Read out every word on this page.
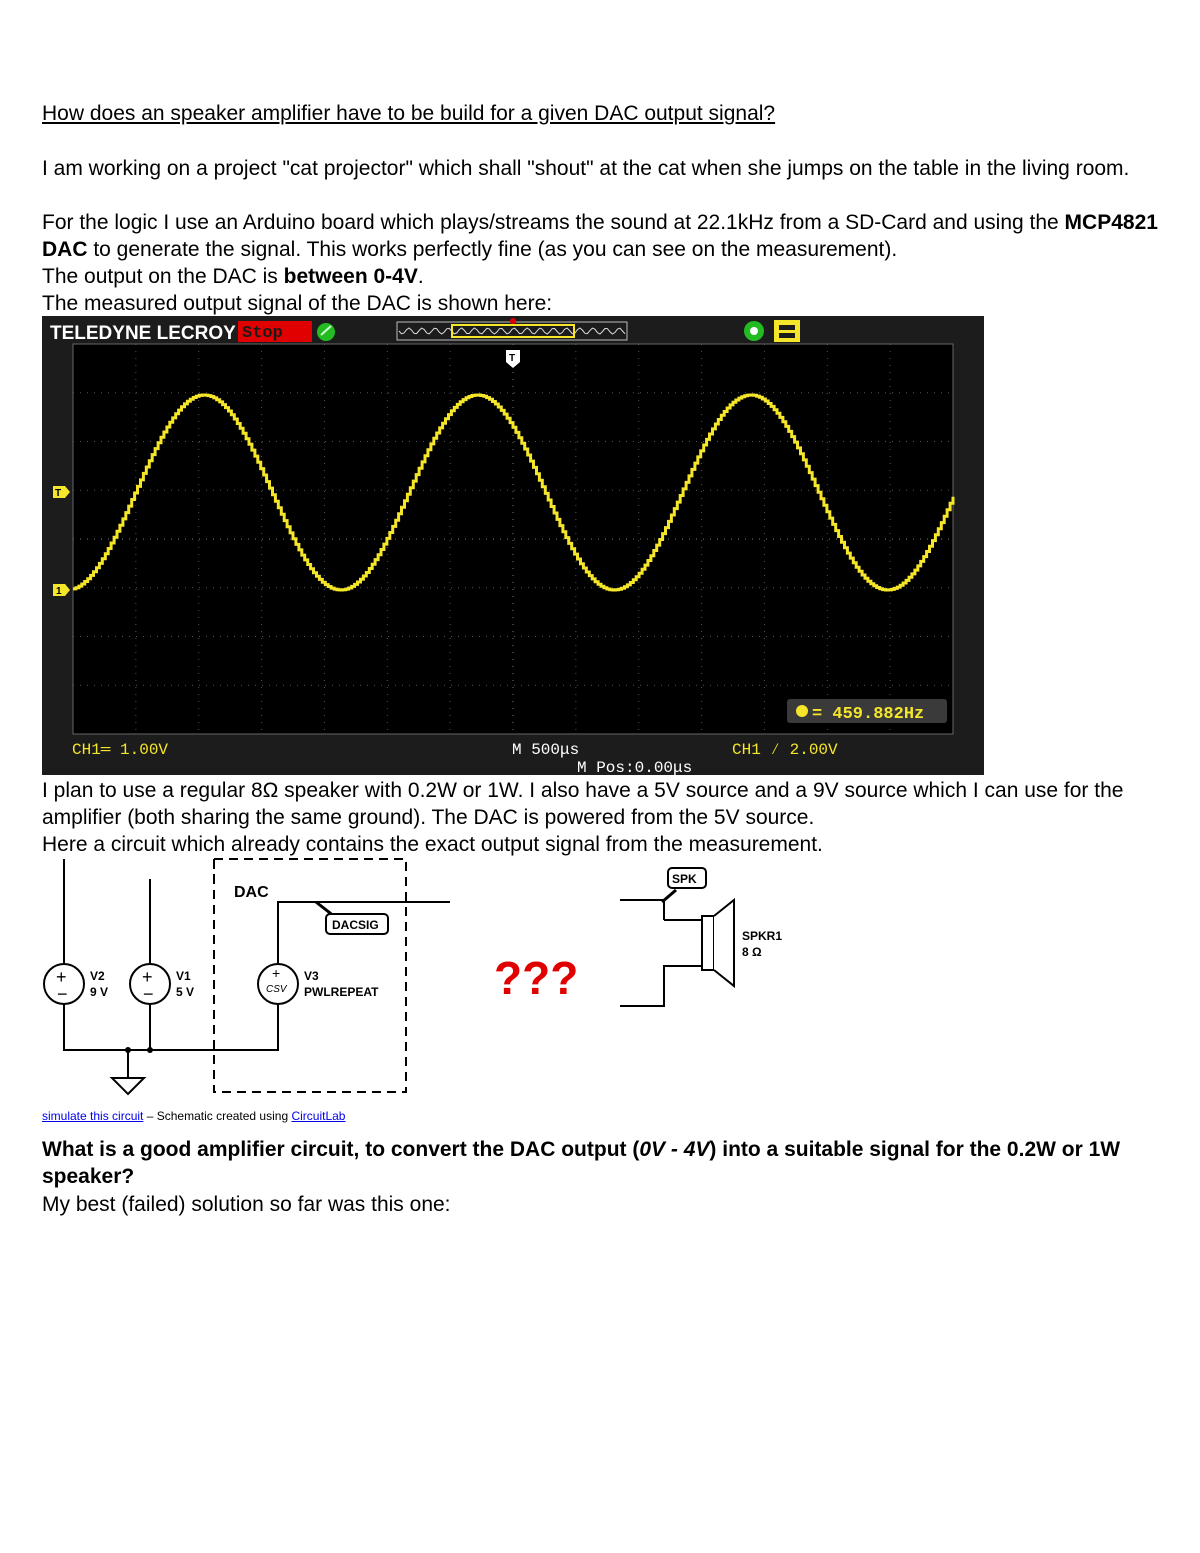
How does an speaker amplifier have to be build for a given DAC output signal?

I am working on a project "cat projector" which shall "shout" at the cat when she jumps on the table in the living room.

For the logic I use an Arduino board which plays/streams the sound at 22.1kHz from a SD-Card and using the MCP4821 DAC to generate the signal. This works perfectly fine (as you can see on the measurement).

The output on the DAC is between 0-4V.

The measured output signal of the DAC is shown here:

TELEDYNE LECROY Stop
T
T
1
= 459.882Hz
CH1═ 1.00V	M 500μs	CH1 ∕ 2.00V
M Pos:0.00μs

I plan to use a regular 8Ω speaker with 0.2W or 1W. I also have a 5V source and a 9V source which I can use for the amplifier (both sharing the same ground). The DAC is powered from the 5V source.

Here a circuit which already contains the exact output signal from the measurement.

DAC
+
−
V2
9 V
+
−
V1
5 V
+
CSV
V3
PWLREPEAT
DACSIG
???
SPK
SPKR1
8 Ω
simulate this circuit – Schematic created using CircuitLab
What is a good amplifier circuit, to convert the DAC output (0V - 4V) into a suitable signal for the 0.2W or 1W speaker?
My best (failed) solution so far was this one:
